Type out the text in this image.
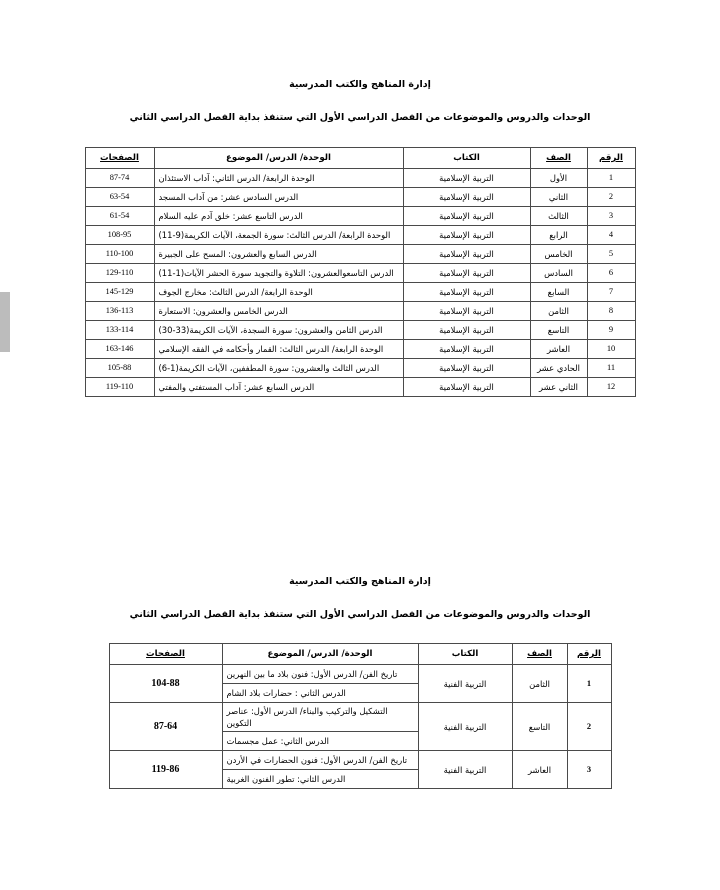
إدارة المناهج والكتب المدرسية

الوحدات والدروس والموضوعات من الفصل الدراسي الأول التي ستنفذ بداية الفصل الدراسي الثاني

الرقم	الصف	الكتاب	الوحدة/ الدرس/ الموضوع	الصفحات
1	الأول	التربية الإسلامية	الوحدة الرابعة/ الدرس الثاني: آداب الاستئذان	87-74
2	الثاني	التربية الإسلامية	الدرس السادس عشر: من آداب المسجد	63-54
3	الثالث	التربية الإسلامية	الدرس التاسع عشر: خلق آدم عليه السلام	61-54
4	الرابع	التربية الإسلامية	الوحدة الرابعة/ الدرس الثالث: سورة الجمعة، الآيات الكريمة(9-11)	108-95
5	الخامس	التربية الإسلامية	الدرس السابع والعشرون: المسح على الجبيرة	110-100
6	السادس	التربية الإسلامية	الدرس التاسعوالعشرون: التلاوة والتجويد سورة الحشر الآيات(1-11)	129-110
7	السابع	التربية الإسلامية	الوحدة الرابعة/ الدرس الثالث: مخارج الجوف	145-129
8	الثامن	التربية الإسلامية	الدرس الخامس والعشرون: الاستعارة	136-113
9	التاسع	التربية الإسلامية	الدرس الثامن والعشرون: سورة السجدة، الآيات الكريمة(33-30)	133-114
10	العاشر	التربية الإسلامية	الوحدة الرابعة/ الدرس الثالث: القمار وأحكامه في الفقه الإسلامي	163-146
11	الحادي عشر	التربية الإسلامية	الدرس الثالث والعشرون: سورة المطففين، الآيات الكريمة(1-6)	105-88
12	الثاني عشر	التربية الإسلامية	الدرس السابع عشر: آداب المستفتي والمفتي	119-110

إدارة المناهج والكتب المدرسية

الوحدات والدروس والموضوعات من الفصل الدراسي الأول التي ستنفذ بداية الفصل الدراسي الثاني

الرقم	الصف	الكتاب	الوحدة/ الدرس/ الموضوع	الصفحات
1	الثامن	التربية الفنية	تاريخ الفن/ الدرس الأول: فنون بلاد ما بين النهرين	104-88
			الدرس الثاني : حضارات بلاد الشام	
2	التاسع	التربية الفنية	التشكيل والتركيب والبناء/ الدرس الأول: عناصر التكوين	87-64
			الدرس الثاني: عمل مجسمات	
3	العاشر	التربية الفنية	تاريخ الفن/ الدرس الأول: فنون الحضارات في الأردن	119-86
			الدرس الثاني: تطور الفنون الغربية	
